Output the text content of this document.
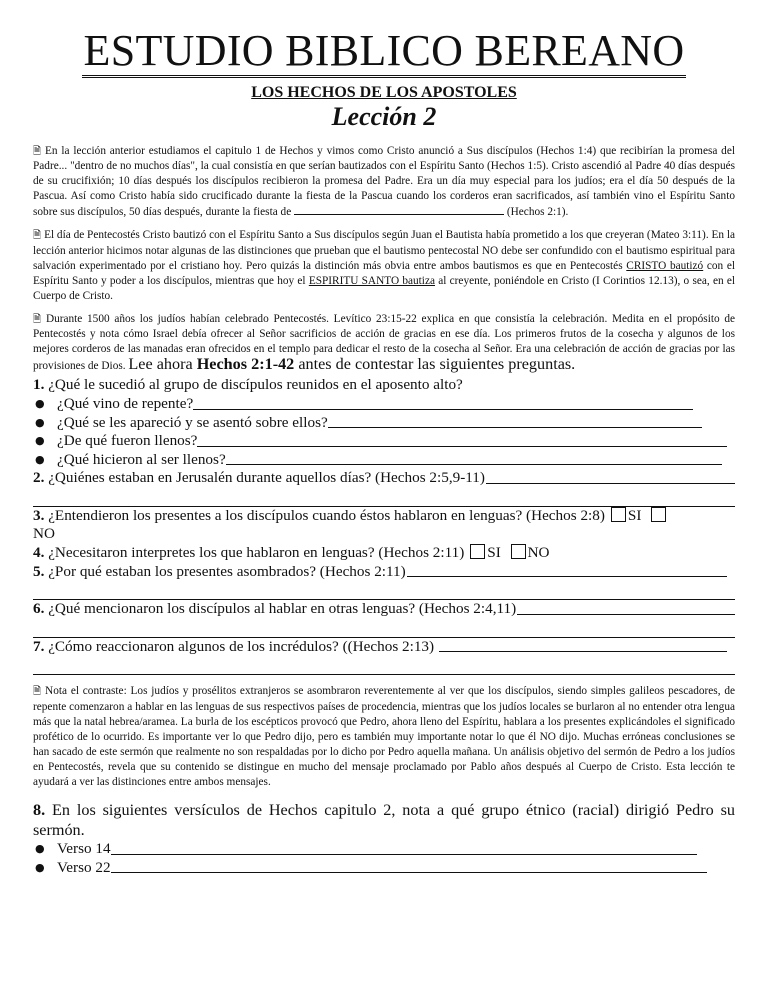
ESTUDIO BIBLICO BEREANO
LOS HECHOS DE LOS APOSTOLES
Lección 2

🗎 En la lección anterior estudiamos el capitulo 1 de Hechos y vimos como Cristo anunció a Sus discípulos (Hechos 1:4) que recibirían la promesa del Padre... "dentro de no muchos días", la cual consistía en que serían bautizados con el Espíritu Santo (Hechos 1:5). Cristo ascendió al Padre 40 días después de su crucifixión; 10 días después los discípulos recibieron la promesa del Padre. Era un día muy especial para los judíos; era el día 50 después de la Pascua. Así como Cristo había sido crucificado durante la fiesta de la Pascua cuando los corderos eran sacrificados, así también vino el Espíritu Santo sobre sus discípulos, 50 días después, durante la fiesta de	(Hechos 2:1).

🗎 El día de Pentecostés Cristo bautizó con el Espíritu Santo a Sus discípulos según Juan el Bautista había prometido a los que creyeran (Mateo 3:11). En la lección anterior hicimos notar algunas de las distinciones que prueban que el bautismo pentecostal NO debe ser confundido con el bautismo espiritual para salvación experimentado por el cristiano hoy. Pero quizás la distinción más obvia entre ambos bautismos es que en Pentecostés CRISTO bautizó con el Espíritu Santo y poder a los discípulos, mientras que hoy el ESPIRITU SANTO bautiza al creyente, poniéndole en Cristo (I Corintios 12.13), o sea, en el Cuerpo de Cristo.

🗎 Durante 1500 años los judíos habían celebrado Pentecostés. Levítico 23:15-22 explica en que consistía la celebración. Medita en el propósito de Pentecostés y nota cómo Israel debía ofrecer al Señor sacrificios de acción de gracias en ese día. Los primeros frutos de la cosecha y algunos de los mejores corderos de las manadas eran ofrecidos en el templo para dedicar el resto de la cosecha al Señor. Era una celebración de acción de gracias por las provisiones de Dios. Lee ahora Hechos 2:1-42 antes de contestar las siguientes preguntas.

1. ¿Qué le sucedió al grupo de discípulos reunidos en el aposento alto?
● ¿Qué vino de repente?
● ¿Qué se les apareció y se asentó sobre ellos?
● ¿De qué fueron llenos?
● ¿Qué hicieron al ser llenos?
2. ¿Quiénes estaban en Jerusalén durante aquellos días? (Hechos 2:5,9-11)
3. ¿Entendieron los presentes a los discípulos cuando éstos hablaron en lenguas? (Hechos 2:8) SI
NO
4. ¿Necesitaron interpretes los que hablaron en lenguas? (Hechos 2:11) SI NO
5. ¿Por qué estaban los presentes asombrados? (Hechos 2:11)
6. ¿Qué mencionaron los discípulos al hablar en otras lenguas? (Hechos 2:4,11)
7. ¿Cómo reaccionaron algunos de los incrédulos? ((Hechos 2:13)

🗎 Nota el contraste: Los judíos y prosélitos extranjeros se asombraron reverentemente al ver que los discípulos, siendo simples galileos pescadores, de repente comenzaron a hablar en las lenguas de sus respectivos países de procedencia, mientras que los judíos locales se burlaron al no entender otra lengua más que la natal hebrea/aramea. La burla de los escépticos provocó que Pedro, ahora lleno del Espíritu, hablara a los presentes explicándoles el significado profético de lo ocurrido. Es importante ver lo que Pedro dijo, pero es también muy importante notar lo que él NO dijo. Muchas erróneas conclusiones se han sacado de este sermón que realmente no son respaldadas por lo dicho por Pedro aquella mañana. Un análisis objetivo del sermón de Pedro a los judíos en Pentecostés, revela que su contenido se distingue en mucho del mensaje proclamado por Pablo años después al Cuerpo de Cristo. Esta lección te ayudará a ver las distinciones entre ambos mensajes.

8. En los siguientes versículos de Hechos capitulo 2, nota a qué grupo étnico (racial) dirigió Pedro su sermón.
● Verso 14
● Verso 22
